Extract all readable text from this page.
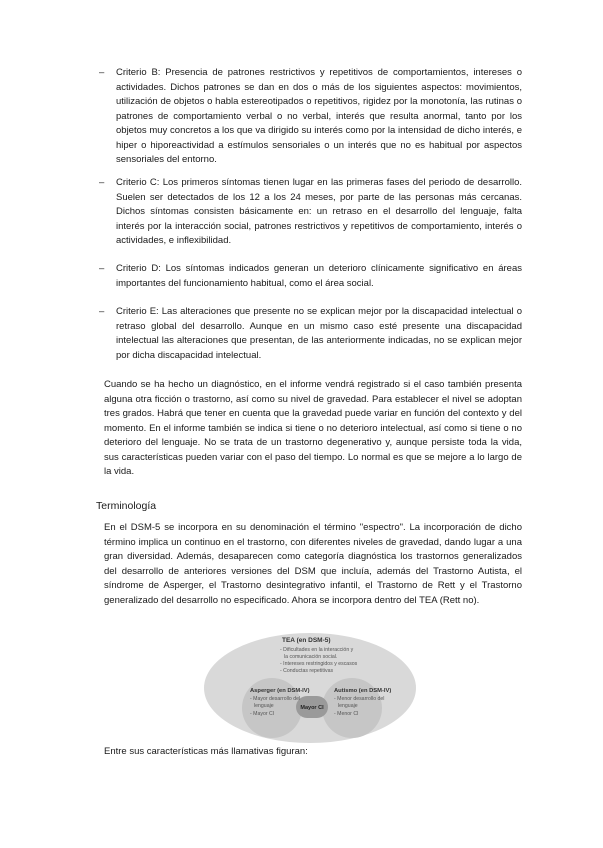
– Criterio B: Presencia de patrones restrictivos y repetitivos de comportamientos, intereses o actividades. Dichos patrones se dan en dos o más de los siguientes aspectos: movimientos, utilización de objetos o habla estereotipados o repetitivos, rigidez por la monotonía, las rutinas o patrones de comportamiento verbal o no verbal, interés que resulta anormal, tanto por los objetos muy concretos a los que va dirigido su interés como por la intensidad de dicho interés, e hiper o hiporeactividad a estímulos sensoriales o un interés que no es habitual por aspectos sensoriales del entorno.

– Criterio C: Los primeros síntomas tienen lugar en las primeras fases del periodo de desarrollo. Suelen ser detectados de los 12 a los 24 meses, por parte de las personas más cercanas. Dichos síntomas consisten básicamente en: un retraso en el desarrollo del lenguaje, falta interés por la interacción social, patrones restrictivos y repetitivos de comportamiento, interés o actividades, e inflexibilidad.

– Criterio D: Los síntomas indicados generan un deterioro clínicamente significativo en áreas importantes del funcionamiento habitual, como el área social.

– Criterio E: Las alteraciones que presente no se explican mejor por la discapacidad intelectual o retraso global del desarrollo. Aunque en un mismo caso esté presente una discapacidad intelectual las alteraciones que presentan, de las anteriormente indicadas, no se explican mejor por dicha discapacidad intelectual.

Cuando se ha hecho un diagnóstico, en el informe vendrá registrado si el caso también presenta alguna otra ficción o trastorno, así como su nivel de gravedad. Para establecer el nivel se adoptan tres grados. Habrá que tener en cuenta que la gravedad puede variar en función del contexto y del momento. En el informe también se indica si tiene o no deterioro intelectual, así como si tiene o no deterioro del lenguaje. No se trata de un trastorno degenerativo y, aunque persiste toda la vida, sus características pueden variar con el paso del tiempo. Lo normal es que se mejore a lo largo de la vida.

Terminología

En el DSM-5 se incorpora en su denominación el término "espectro". La incorporación de dicho término implica un continuo en el trastorno, con diferentes niveles de gravedad, dando lugar a una gran diversidad. Además, desaparecen como categoría diagnóstica los trastornos generalizados del desarrollo de anteriores versiones del DSM que incluía, además del Trastorno Autista, el síndrome de Asperger, el Trastorno desintegrativo infantil, el Trastorno de Rett y el Trastorno generalizado del desarrollo no especificado. Ahora se incorpora dentro del TEA (Rett no).

TEA (en DSM-5)
- Dificultades en la interacción y
la comunicación social.
- Intereses restringidos y escasos
- Conductas repetitivas
Asperger (en DSM-IV)
- Mayor desarrollo del
lenguaje
- Mayor CI
Mayor CI
Autismo (en DSM-IV)
- Menor desarrollo del
lenguaje
- Menor CI

Entre sus características más llamativas figuran:
